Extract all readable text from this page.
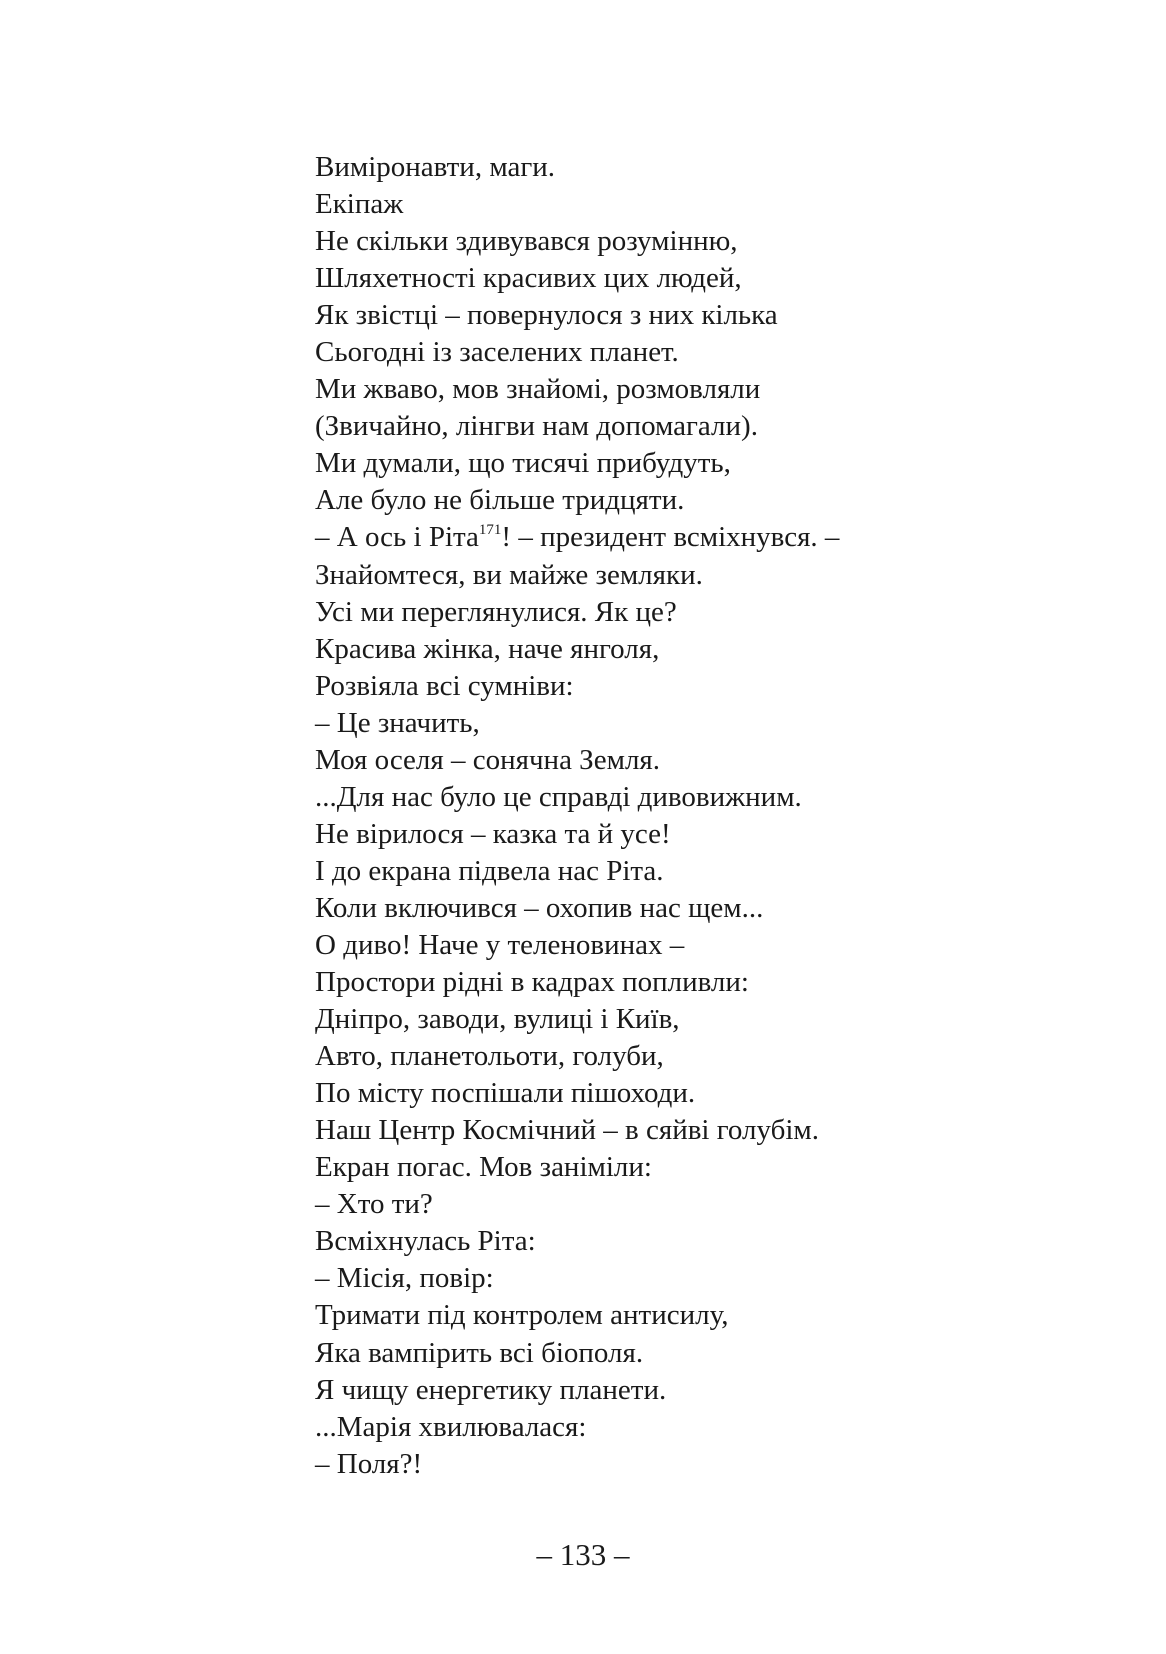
Виміронавти, маги.
Екіпаж
Не скільки здивувався розумінню,
Шляхетності красивих цих людей,
Як звістці – повернулося з них кілька
Сьогодні із заселених планет.
Ми жваво, мов знайомі, розмовляли
(Звичайно, лінгви нам допомагали).
Ми думали, що тисячі прибудуть,
Але було не більше тридцяти.
– А ось і Ріта$^{171}$! – президент всміхнувся. –
Знайомтеся, ви майже земляки.
Усі ми переглянулися. Як це?
Красива жінка, наче янголя,
Розвіяла всі сумніви:
– Це значить,
Моя оселя – сонячна Земля.
...Для нас було це справді дивовижним.
Не вірилося – казка та й усе!
І до екрана підвела нас Ріта.
Коли включився – охопив нас щем...
О диво! Наче у теленовинах –
Простори рідні в кадрах попливли:
Дніпро, заводи, вулиці і Київ,
Авто, планетольоти, голуби,
По місту поспішали пішоходи.
Наш Центр Космічний – в сяйві голубім.
Екран погас. Мов заніміли:
– Хто ти?
Всміхнулась Ріта:
– Місія, повір:
Тримати під контролем антисилу,
Яка вампірить всі біополя.
Я чищу енергетику планети.
...Марія хвилювалася:
– Поля?!
– 133 –
